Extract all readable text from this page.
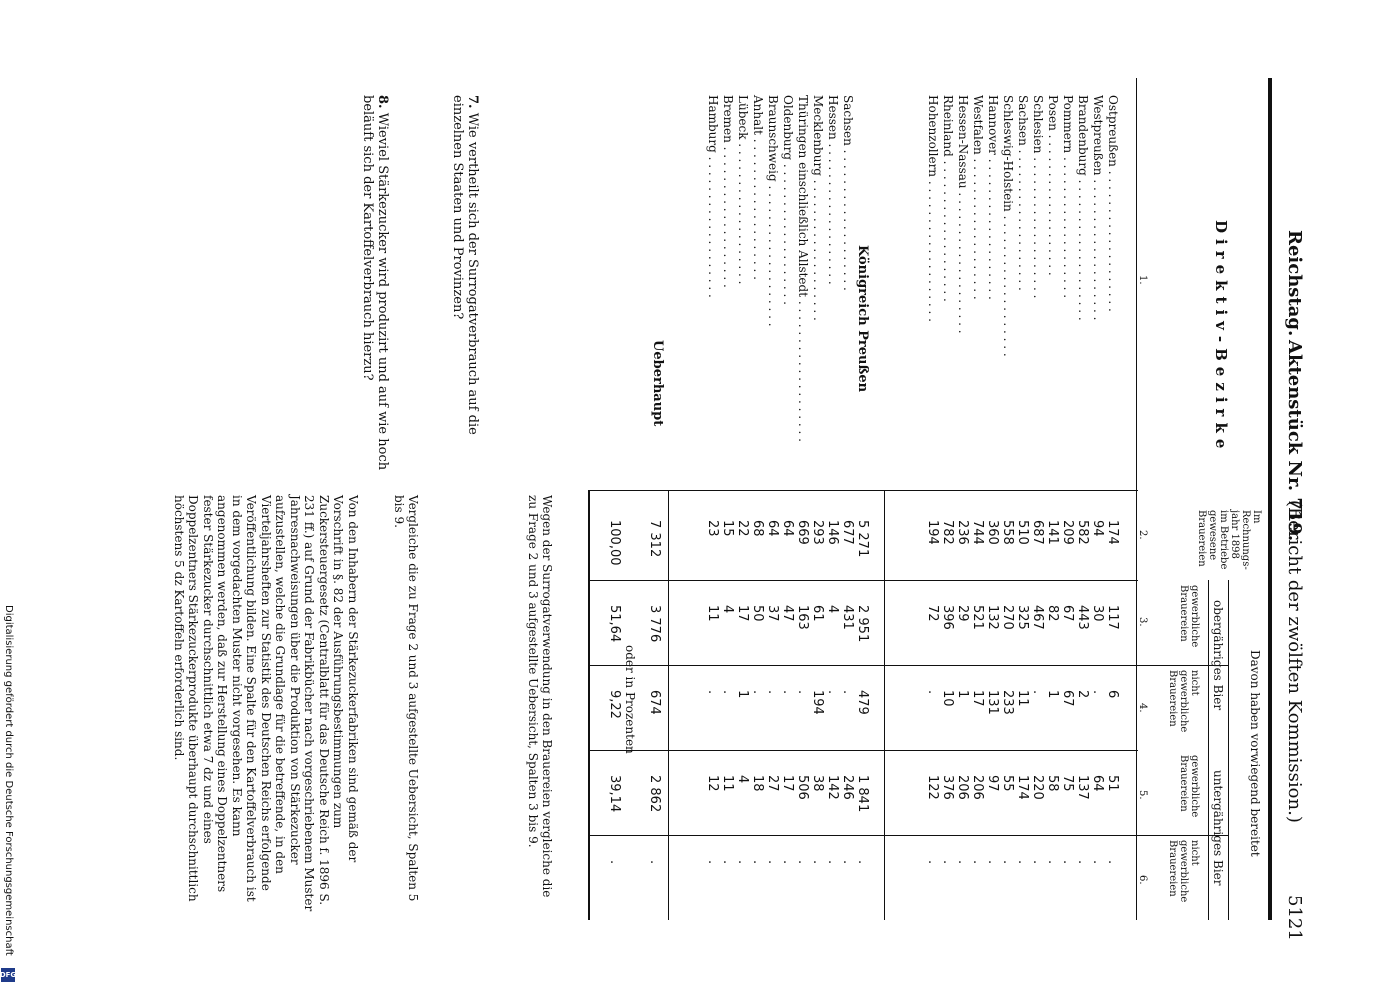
Reichstag.
Aktenstück Nr. 719.
(Bericht der zwölften Kommission.)
5121
Direktiv-Bezirke
1.
2.
3.
4.
5.
6.
Im
Rechnungs-
jahr 1898
im Betriebe
gewesene
Brauereien
Davon haben vorwiegend bereitet
obergähriges Bier
untergähriges Bier
gewerbliche Brauereien
nicht gewerbliche Brauereien
gewerbliche Brauereien
nicht gewerbliche Brauereien
Ostpreußen . . . . . . . . . . . . . . . . . . .
174
117
6
51
.
Westpreußen . . . . . . . . . . . . . . . . . . .
94
30
.
64
.
Brandenburg . . . . . . . . . . . . . . . . . . .
582
443
2
137
.
Pommern . . . . . . . . . . . . . . . . . . .
209
67
67
75
.
Posen . . . . . . . . . . . . . . . . . . .
141
82
1
58
.
Schlesien . . . . . . . . . . . . . . . . . . .
687
467
.
220
.
Sachsen . . . . . . . . . . . . . . . . . . .
510
325
11
174
.
Schleswig-Holstein . . . . . . . . . . . . . . . . . . .
558
270
233
55
.
Hannover . . . . . . . . . . . . . . . . . . .
360
132
131
97
.
Westfalen . . . . . . . . . . . . . . . . . . .
744
521
17
206
.
Hessen-Nassau . . . . . . . . . . . . . . . . . . .
236
29
1
206
.
Rheinland . . . . . . . . . . . . . . . . . . .
782
396
10
376
.
Hohenzollern . . . . . . . . . . . . . . . . . . .
194
72
.
122
.
5 271
2 951
479
1 841
.
Sachsen . . . . . . . . . . . . . . . . . . .
677
431
.
246
.
Hessen . . . . . . . . . . . . . . . . . . .
146
4
.
142
.
Mecklenburg . . . . . . . . . . . . . . . . . . .
293
61
194
38
.
Thüringen einschließlich Allstedt . . . . . . . . . . . . . . . . . . .
669
163
.
506
.
Oldenburg . . . . . . . . . . . . . . . . . . .
64
47
.
17
.
Braunschweig . . . . . . . . . . . . . . . . . . .
64
37
.
27
.
Anhalt . . . . . . . . . . . . . . . . . . .
68
50
.
18
.
Lübeck . . . . . . . . . . . . . . . . . . .
22
17
1
4
.
Bremen . . . . . . . . . . . . . . . . . . .
15
4
.
11
.
Hamburg . . . . . . . . . . . . . . . . . . .
23
11
.
12
.
7 312
3 776
674
2 862
.
100,00
51,64
9,22
39,14
.
Königreich Preußen
Ueberhaupt
oder in Prozenten
Wegen der Surrogatverwendung in den Brauereien vergleiche die zu Frage 2 und 3 aufgestellte Uebersicht, Spalten 3 bis 9.
Vergleiche die zu Frage 2 und 3 aufgestellte Uebersicht, Spalten 5 bis 9.
Von den Inhabern der Stärkezuckerfabriken sind gemäß der Vorschrift in §. 82 der Ausführungsbestimmungen zum Zuckersteuergesetz (Centralblatt für das Deutsche Reich f. 1896 S. 231 ff.) auf Grund der Fabrikbücher nach vorgeschriebenem Muster Jahresnachweisungen über die Produktion von Stärkezucker aufzustellen, welche die Grundlage für die betreffende, in den Vierteljahrsheften zur Statistik des Deutschen Reichs erfolgende Veröffentlichung bilden. Eine Spalte für den Kartoffelverbrauch ist in dem vorgedachten Muster nicht vorgesehen. Es kann angenommen werden, daß zur Herstellung eines Doppelzentners fester Stärkezucker durchschnittlich etwa 7 dz und eines Doppelzentners Stärkezuckerprodukte überhaupt durchschnittlich höchstens 5 dz Kartoffeln erforderlich sind.
7. Wie vertheilt sich der Surrogatverbrauch auf die einzelnen Staaten und Provinzen?
8. Wieviel Stärkezucker wird produzirt und auf wie hoch beläuft sich der Kartoffelverbrauch hierzu?
Digitalisierung gefördert durch die Deutsche Forschungsgemeinschaft
DFG
